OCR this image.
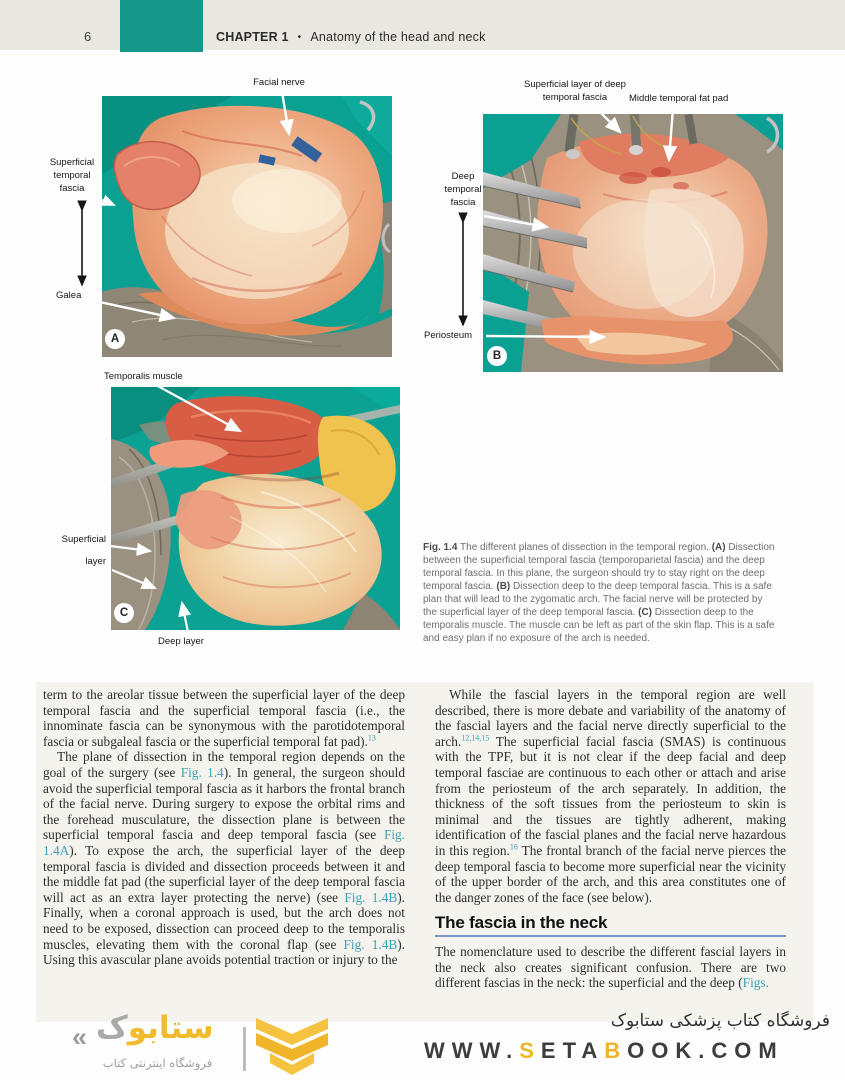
6	CHAPTER 1 • Anatomy of the head and neck
A
B
C
Facial nerve
Superficial
temporal
fascia
Galea
Superficial layer of deep
temporal fascia	Middle temporal fat pad
Deep
temporal
fascia
Periosteum
Temporalis muscle
Superficial
layer
Deep layer
Fig. 1.4 The different planes of dissection in the temporal region. (A) Dissection between the superficial temporal fascia (temporoparietal fascia) and the deep temporal fascia. In this plane, the surgeon should try to stay right on the deep temporal fascia. (B) Dissection deep to the deep temporal fascia. This is a safe plan that will lead to the zygomatic arch. The facial nerve will be protected by the superficial layer of the deep temporal fascia. (C) Dissection deep to the temporalis muscle. The muscle can be left as part of the skin flap. This is a safe and easy plan if no exposure of the arch is needed.

term to the areolar tissue between the superficial layer of the deep temporal fascia and the superficial temporal fascia (i.e., the innominate fascia can be synonymous with the parotidotemporal fascia or subgaleal fascia or the superficial temporal fat pad).$^{13}$

The plane of dissection in the temporal region depends on the goal of the surgery (see Fig. 1.4). In general, the surgeon should avoid the superficial temporal fascia as it harbors the frontal branch of the facial nerve. During surgery to expose the orbital rims and the forehead musculature, the dissection plane is between the superficial temporal fascia and deep temporal fascia (see Fig. 1.4A). To expose the arch, the superficial layer of the deep temporal fascia is divided and dissection proceeds between it and the middle fat pad (the superficial layer of the deep temporal fascia will act as an extra layer protecting the nerve) (see Fig. 1.4B). Finally, when a coronal approach is used, but the arch does not need to be exposed, dissection can proceed deep to the temporalis muscles, elevating them with the coronal flap (see Fig. 1.4B). Using this avascular plane avoids potential traction or injury to the

While the fascial layers in the temporal region are well described, there is more debate and variability of the anatomy of the fascial layers and the facial nerve directly superficial to the arch.$^{12,14,15}$ The superficial facial fascia (SMAS) is continuous with the TPF, but it is not clear if the deep facial and deep temporal fasciae are continuous to each other or attach and arise from the periosteum of the arch separately. In addition, the thickness of the soft tissues from the periosteum to skin is minimal and the tissues are tightly adherent, making identification of the fascial planes and the facial nerve hazardous in this region.$^{16}$ The frontal branch of the facial nerve pierces the deep temporal fascia to become more superficial near the vicinity of the upper border of the arch, and this area constitutes one of the danger zones of the face (see below).

The fascia in the neck

The nomenclature used to describe the different fascial layers in the neck also creates significant confusion. There are two different fascias in the neck: the superficial and the deep (Figs.

«	ستابوک
فروشگاه اینترنتی کتاب
فروشگاه کتاب پزشکی ستابوک
WWW.SETABOOK.COM
